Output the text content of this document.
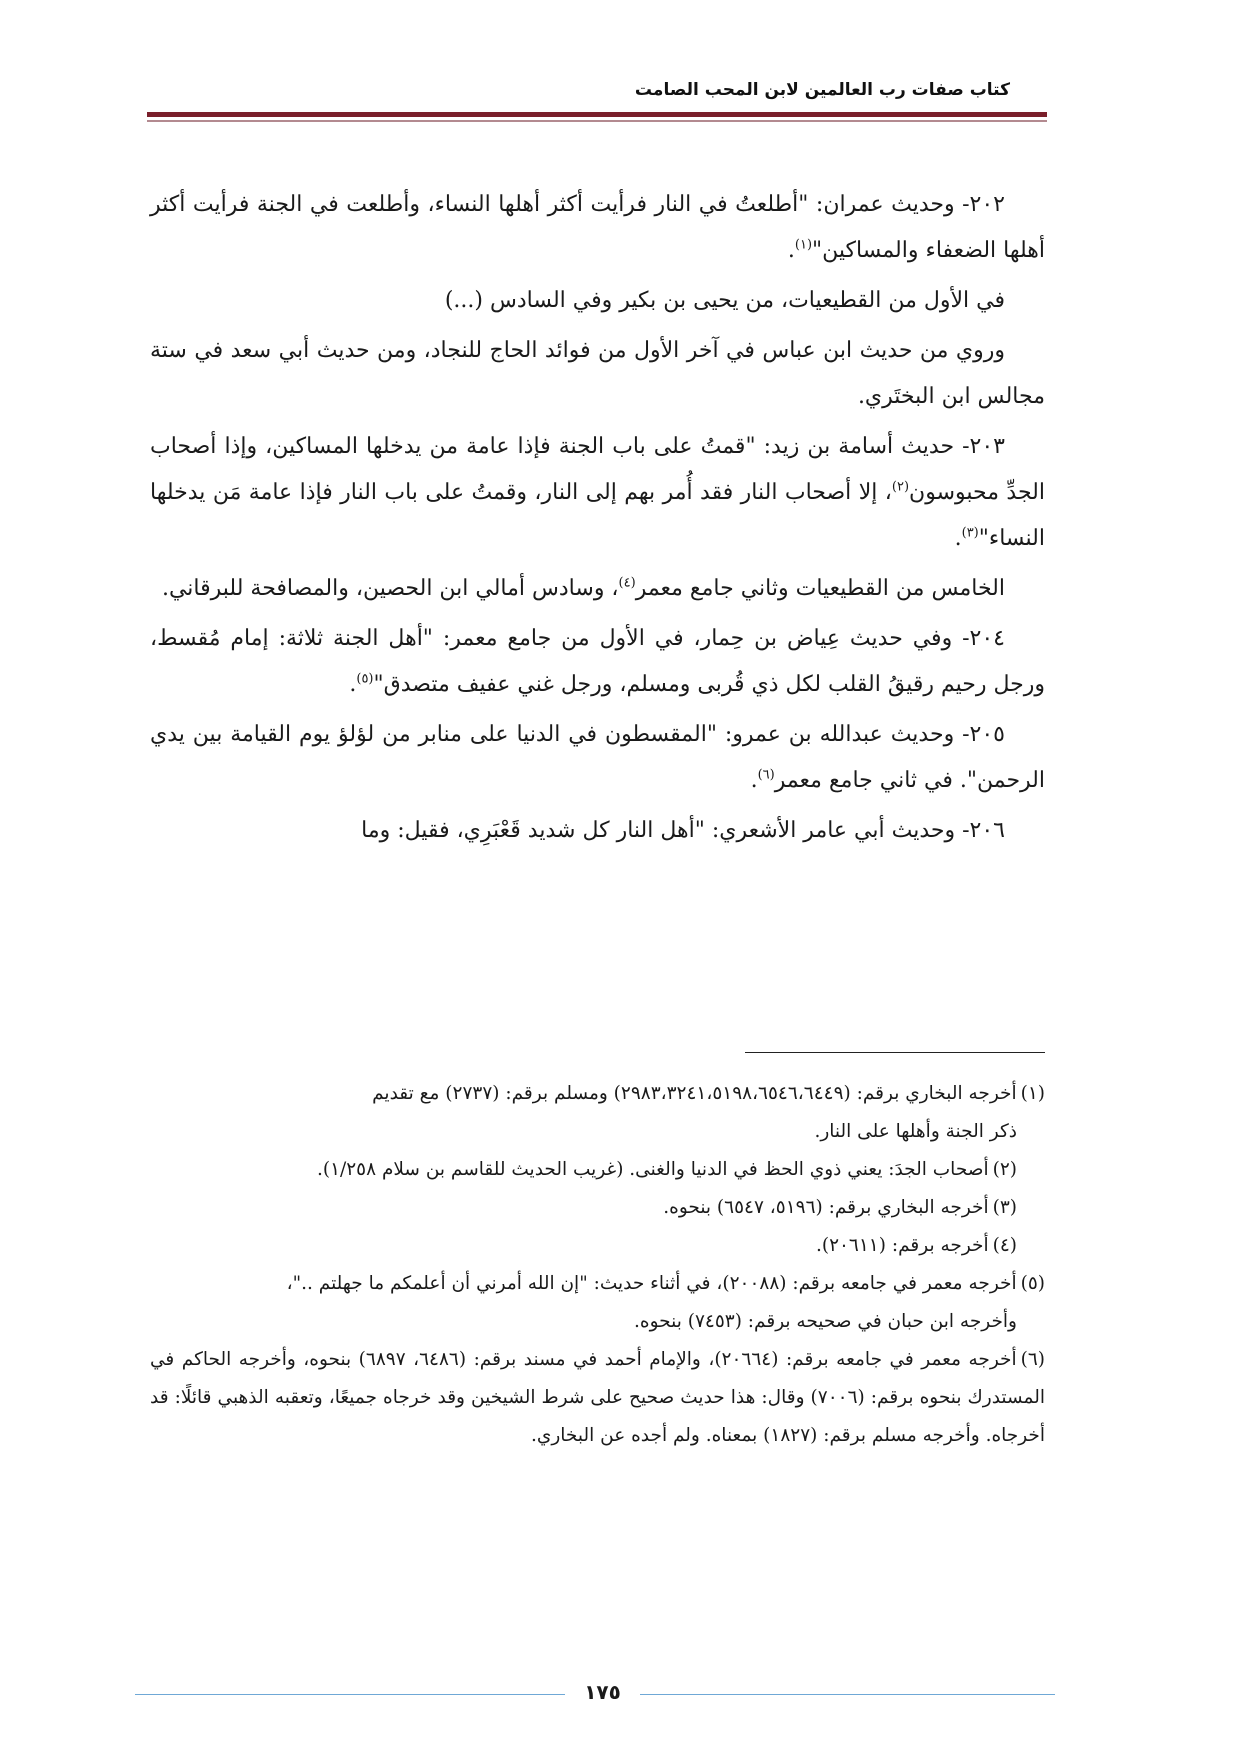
كتاب صفات رب العالمين لابن المحب الصامت

٢٠٢- وحديث عمران: "أطلعتُ في النار فرأيت أكثر أهلها النساء، وأطلعت في الجنة فرأيت أكثر أهلها الضعفاء والمساكين"$^{(١)}$.

في الأول من القطيعيات، من يحيى بن بكير وفي السادس (...)

وروي من حديث ابن عباس في آخر الأول من فوائد الحاج للنجاد، ومن حديث أبي سعد في ستة مجالس ابن البختَري.

٢٠٣- حديث أسامة بن زيد: "قمتُ على باب الجنة فإذا عامة من يدخلها المساكين، وإذا أصحاب الجدِّ محبوسون$^{(٢)}$، إلا أصحاب النار فقد أُمر بهم إلى النار، وقمتُ على باب النار فإذا عامة مَن يدخلها النساء"$^{(٣)}$.

الخامس من القطيعيات وثاني جامع معمر$^{(٤)}$، وسادس أمالي ابن الحصين، والمصافحة للبرقاني.

٢٠٤- وفي حديث عِياض بن حِمار، في الأول من جامع معمر: "أهل الجنة ثلاثة: إمام مُقسط، ورجل رحيم رقيقُ القلب لكل ذي قُربى ومسلم، ورجل غني عفيف متصدق"$^{(٥)}$.

٢٠٥- وحديث عبدالله بن عمرو: "المقسطون في الدنيا على منابر من لؤلؤ يوم القيامة بين يدي الرحمن". في ثاني جامع معمر$^{(٦)}$.

٢٠٦- وحديث أبي عامر الأشعري: "أهل النار كل شديد قَعْبَرِي، فقيل: وما

(١)أخرجه البخاري برقم: (٢٩٨٣،٣٢٤١،٥١٩٨،٦٥٤٦،٦٤٤٩) ومسلم برقم: (٢٧٣٧) مع تقديم
ذكر الجنة وأهلها على النار.

(٢)أصحاب الجدَ: يعني ذوي الحظ في الدنيا والغنى. (غريب الحديث للقاسم بن سلام ١/٢٥٨).

(٣)أخرجه البخاري برقم: (٥١٩٦، ٦٥٤٧) بنحوه.

(٤)أخرجه برقم: (٢٠٦١١).

(٥)أخرجه معمر في جامعه برقم: (٢٠٠٨٨)، في أثناء حديث: "إن الله أمرني أن أعلمكم ما جهلتم .."،
وأخرجه ابن حبان في صحيحه برقم: (٧٤٥٣) بنحوه.

(٦)أخرجه معمر في جامعه برقم: (٢٠٦٦٤)، والإمام أحمد في مسند برقم: (٦٤٨٦، ٦٨٩٧) بنحوه، وأخرجه الحاكم في المستدرك بنحوه برقم: (٧٠٠٦) وقال: هذا حديث صحيح على شرط الشيخين وقد خرجاه جميعًا، وتعقبه الذهبي قائلًا: قد أخرجاه. وأخرجه مسلم برقم: (١٨٢٧) بمعناه. ولم أجده عن البخاري.

١٧٥
